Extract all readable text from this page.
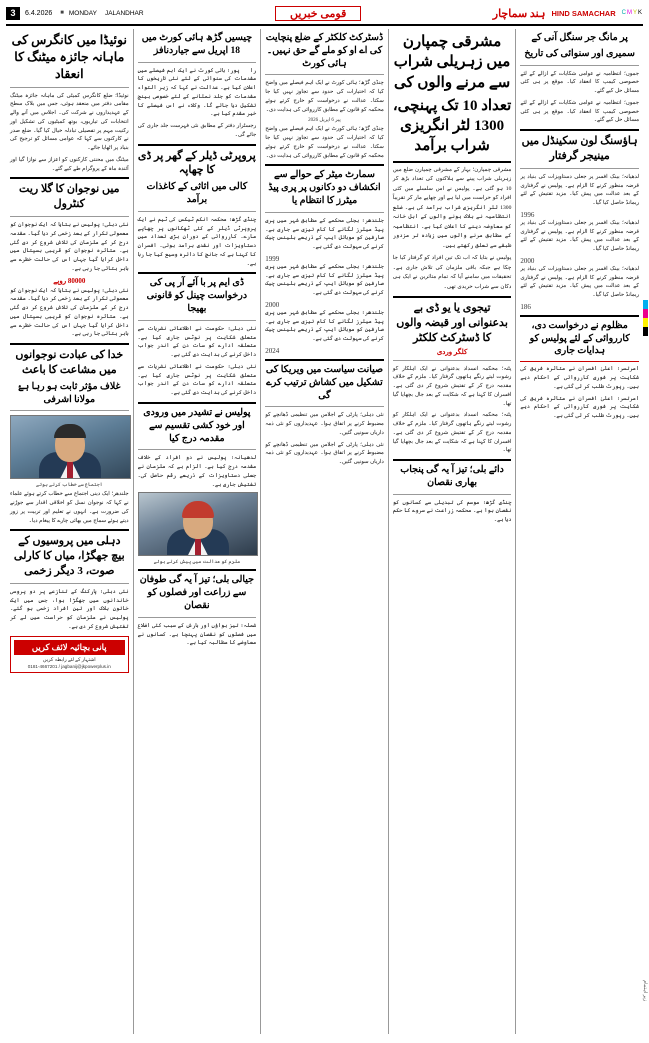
3	6.4.2026 ■ MONDAY JALANDHAR	قومی خبریں	ہند سماچار HIND SAMACHAR CMYK
نوئیڈا میں کانگرس کی ماہانہ جائزہ میٹنگ کا انعقاد
نوئیڈا؛ ضلع کانگرس کمیٹی کی ماہانہ جائزہ میٹنگ مقامی دفتر میں منعقد ہوئی، جس میں بلاک سطح کے عہدیداروں نے شرکت کی۔ اجلاس میں آنے والے انتخابات کی تیاریوں، بوتھ کمیٹیوں کی تشکیل اور رکنیت مہم پر تفصیلی تبادلہ خیال کیا گیا۔ ضلع صدر نے کارکنوں سے کہا کہ عوامی مسائل کو ترجیح کی بنیاد پر اٹھایا جائے۔
میٹنگ میں محنتی کارکنوں کو اعزاز سے نوازا گیا اور آئندہ ماہ کے پروگرام طے کیے گئے۔
میں نوجوان کا گلا ریت کنٹرول
نئی دہلی؛ پولیس نے بتایا کہ ایک نوجوان کو معمولی تکرار کے بعد زخمی کر دیا گیا۔ مقدمہ درج کر کے ملزمان کی تلاش شروع کر دی گئی ہے۔ متاثرہ نوجوان کو قریبی ہسپتال میں داخل کرایا گیا جہاں اس کی حالت خطرے سے باہر بتائی جا رہی ہے۔
80000 روپے
نئی دہلی؛ پولیس نے بتایا کہ ایک نوجوان کو معمولی تکرار کے بعد زخمی کر دیا گیا۔ مقدمہ درج کر کے ملزمان کی تلاش شروع کر دی گئی ہے۔ متاثرہ نوجوان کو قریبی ہسپتال میں داخل کرایا گیا جہاں اس کی حالت خطرے سے باہر بتائی جا رہی ہے۔
خدا کی عبادت نوجوانوں میں مشاعت کا باعث
غلاف مؤثر ثابت ہو رہا ہۓ مولانا اشرفی
اجتماع سے خطاب کرتے ہوئے
جلندھر؛ ایک دینی اجتماع سے خطاب کرتے ہوئے علماء نے کہا کہ نوجوان نسل کو اخلاقی اقدار سے جوڑنے کی ضرورت ہے۔ انہوں نے تعلیم اور تربیت پر زور دیتے ہوئے سماج میں بھائی چارے کا پیغام دیا۔
دہلی میں پروسیوں کے بیچ جھگڑا، میاں کا کارلی صوت، 3 دیگر زخمی
نئی دہلی؛ پارکنگ کے تنازعے پر دو پروسی خاندانوں میں جھگڑا ہوا، جس میں ایک خاتون ہلاک اور تین افراد زخمی ہو گئے۔ پولیس نے ملزمان کو حراست میں لے کر تفتیش شروع کر دی ہے۔
پانی بچائیہ لائف کریں
اشتہار کے لئے رابطہ کریں
0181-4667201 / jagbanij@jkpowerplus.in
چیسیں گڑھ ہائی کورٹ میں 18 اپریل سے جیاردنافز
رائۡ پور؛ ہائی کورٹ نے ایک اہم فیصلے میں مقدمات کی سنوائی کے لئے نئی تاریخوں کا اعلان کیا ہے۔ عدالت نے کہا کہ زیر التواء مقدمات کو جلد نمٹانے کے لئے خصوصی بینچ تشکیل دیا جائے گا۔ وکلاء نے اس فیصلے کا خیر مقدم کیا ہے۔
رجسٹرار دفتر کے مطابق نئی فہرست جلد جاری کی جائے گی۔
پروپرٹی ڈیلر کے گھر پر ڈی کا چھاپہ
کالی میں اثاثی کے کاغذات برآمد
چنڈی گڑھ؛ محکمہ انکم ٹیکس کی ٹیم نے ایک پروپرٹی ڈیلر کے کئی ٹھکانوں پر چھاپے مارے۔ کارروائی کے دوران بڑی تعداد میں دستاویزات اور نقدی برآمد ہوئی۔ افسران کا کہنا ہے کہ جانچ کا دائرہ وسیع کیا جا رہا ہے۔
ڈی ایم پر با آئے آر پی کی درخواست چینل کو قانونی بھیجا
نئی دہلی؛ حکومت نے اطلاعاتی نشریات سے متعلق شکایت پر نوٹس جاری کیا ہے۔ متعلقہ ادارے کو سات دن کے اندر جواب داخل کرنے کی ہدایت دی گئی ہے۔
نئی دہلی؛ حکومت نے اطلاعاتی نشریات سے متعلق شکایت پر نوٹس جاری کیا ہے۔ متعلقہ ادارے کو سات دن کے اندر جواب داخل کرنے کی ہدایت دی گئی ہے۔
پولیس نے تشیدر میں ورودی اور خود کشی تقسیم سے مقدمہ درج کیا
لدھیانہ؛ پولیس نے دو افراد کے خلاف مقدمہ درج کیا ہے۔ الزام ہے کہ ملزمان نے جعلی دستاویزات کے ذریعے رقم حاصل کی۔ تفتیش جاری ہے۔
ملزم کو عدالت میں پیش کرتے ہوئے
جیالی بلی؛ تیز آ یہ گی طوفان سے زراعت اور فصلوں کو نقصان
شملہ؛ تیز ہواؤں اور بارش کے سبب کئی اضلاع میں فصلوں کو نقصان پہنچا ہے۔ کسانوں نے معاوضے کا مطالبہ کیا ہے۔
ڈسٹرکٹ کلکٹر کے ضلع پنچایت کی اے او کو ملے گے حق نہیں۔ ہائی کورٹ
چنڈی گڑھ؛ ہائی کورٹ نے ایک اہم فیصلے میں واضح کیا کہ اختیارات کی حدود سے تجاوز نہیں کیا جا سکتا۔ عدالت نے درخواست کو خارج کرتے ہوئے محکمہ کو قانون کے مطابق کارروائی کی ہدایت دی۔
پیر 6 اپریل 2026
چنڈی گڑھ؛ ہائی کورٹ نے ایک اہم فیصلے میں واضح کیا کہ اختیارات کی حدود سے تجاوز نہیں کیا جا سکتا۔ عدالت نے درخواست کو خارج کرتے ہوئے محکمہ کو قانون کے مطابق کارروائی کی ہدایت دی۔
سمارٹ میٹر کے حوالے سے انکشاف دو دکانوں پر پری پیڈ میٹرز کا انتظام یا
جلندھر؛ بجلی محکمے کے مطابق شہر میں پری پیڈ میٹرز لگانے کا کام تیزی سے جاری ہے۔ صارفین کو موبائل ایپ کے ذریعے بلینس چیک کرنے کی سہولت دی گئی ہے۔
1999
جلندھر؛ بجلی محکمے کے مطابق شہر میں پری پیڈ میٹرز لگانے کا کام تیزی سے جاری ہے۔ صارفین کو موبائل ایپ کے ذریعے بلینس چیک کرنے کی سہولت دی گئی ہے۔
2000
جلندھر؛ بجلی محکمے کے مطابق شہر میں پری پیڈ میٹرز لگانے کا کام تیزی سے جاری ہے۔ صارفین کو موبائل ایپ کے ذریعے بلینس چیک کرنے کی سہولت دی گئی ہے۔
2024
صیانت سیاست میں ویریکا کی تشکیل میں کشاش ترتیب کرے گی
نئی دہلی؛ پارٹی کے اجلاس میں تنظیمی ڈھانچے کو مضبوط کرنے پر اتفاق ہوا۔ عہدیداروں کو نئی ذمہ داریاں سونپی گئیں۔
نئی دہلی؛ پارٹی کے اجلاس میں تنظیمی ڈھانچے کو مضبوط کرنے پر اتفاق ہوا۔ عہدیداروں کو نئی ذمہ داریاں سونپی گئیں۔
مشرقی چمپارن میں زہریلی شراب سے مرنے والوں کی
تعداد 10 تک پہنچی، 1300 لٹر انگریزی شراب برآمد
مشرقی چمپارن؛ بہار کے مشرقی چمپارن ضلع میں زہریلی شراب پینے سے ہلاکتوں کی تعداد بڑھ کر 10 ہو گئی ہے۔ پولیس نے اس سلسلے میں کئی افراد کو حراست میں لیا ہے اور چھاپے مار کر تقریباً 1300 لٹر انگریزی شراب برآمد کی ہے۔ ضلع انتظامیہ نے ہلاک ہونے والوں کے اہل خانہ کو معاوضہ دینے کا اعلان کیا ہے۔ انتظامیہ کے مطابق مرنے والوں میں زیادہ تر مزدور طبقے سے تعلق رکھتے ہیں۔
پولیس نے بتایا کہ اب تک تین افراد کو گرفتار کیا جا چکا ہے جبکہ باقی ملزمان کی تلاش جاری ہے۔ تحقیقات میں سامنے آیا کہ تمام متاثرین نے ایک ہی دکان سے شراب خریدی تھی۔
تیجوی یا یو ڈی بے بدعنوانی اور قبضہ والوں کا ڈسٹرکٹ کلکٹر
کلگر وردی
پٹنہ؛ محکمہ انسداد بدعنوانی نے ایک اہلکار کو رشوت لیتے رنگے ہاتھوں گرفتار کیا۔ ملزم کے خلاف مقدمہ درج کر کے تفتیش شروع کر دی گئی ہے۔ افسران کا کہنا ہے کہ شکایت کے بعد جال بچھایا گیا تھا۔
پٹنہ؛ محکمہ انسداد بدعنوانی نے ایک اہلکار کو رشوت لیتے رنگے ہاتھوں گرفتار کیا۔ ملزم کے خلاف مقدمہ درج کر کے تفتیش شروع کر دی گئی ہے۔ افسران کا کہنا ہے کہ شکایت کے بعد جال بچھایا گیا تھا۔
دائے بلی؛ تیز آ یہ گی پنجاب بھاری نقصان
چنڈی گڑھ؛ موسم کی تبدیلی سے کسانوں کو نقصان ہوا ہے۔ محکمہ زراعت نے سروے کا حکم دیا ہے۔
پر مانگ جر سنگل آنی کے
سمیری اور سنوائی کی تاریخ
جموں؛ انتظامیہ نے عوامی شکایات کے ازالے کے لئے خصوصی کیمپ کا انعقاد کیا۔ موقع پر ہی کئی مسائل حل کیے گئے۔
جموں؛ انتظامیہ نے عوامی شکایات کے ازالے کے لئے خصوصی کیمپ کا انعقاد کیا۔ موقع پر ہی کئی مسائل حل کیے گئے۔
ہاؤسنگ لون سکینڈل میں مینیجر گرفتار
لدھیانہ؛ بینک افسر پر جعلی دستاویزات کی بنیاد پر قرضہ منظور کرنے کا الزام ہے۔ پولیس نے گرفتاری کے بعد عدالت میں پیش کیا۔ مزید تفتیش کے لئے ریمانڈ حاصل کیا گیا۔
1996
لدھیانہ؛ بینک افسر پر جعلی دستاویزات کی بنیاد پر قرضہ منظور کرنے کا الزام ہے۔ پولیس نے گرفتاری کے بعد عدالت میں پیش کیا۔ مزید تفتیش کے لئے ریمانڈ حاصل کیا گیا۔
2000
لدھیانہ؛ بینک افسر پر جعلی دستاویزات کی بنیاد پر قرضہ منظور کرنے کا الزام ہے۔ پولیس نے گرفتاری کے بعد عدالت میں پیش کیا۔ مزید تفتیش کے لئے ریمانڈ حاصل کیا گیا۔
186
مظلوم نے درخواست دی، کارروائی کے لئے پولیس کو ہدایات جاری
امرتسر؛ اعلیٰ افسران نے متاثرہ فریق کی شکایت پر فوری کارروائی کے احکام دیے ہیں۔ رپورٹ طلب کر لی گئی ہے۔
امرتسر؛ اعلیٰ افسران نے متاثرہ فریق کی شکایت پر فوری کارروائی کے احکام دیے ہیں۔ رپورٹ طلب کر لی گئی ہے۔
زیر اہتمام
